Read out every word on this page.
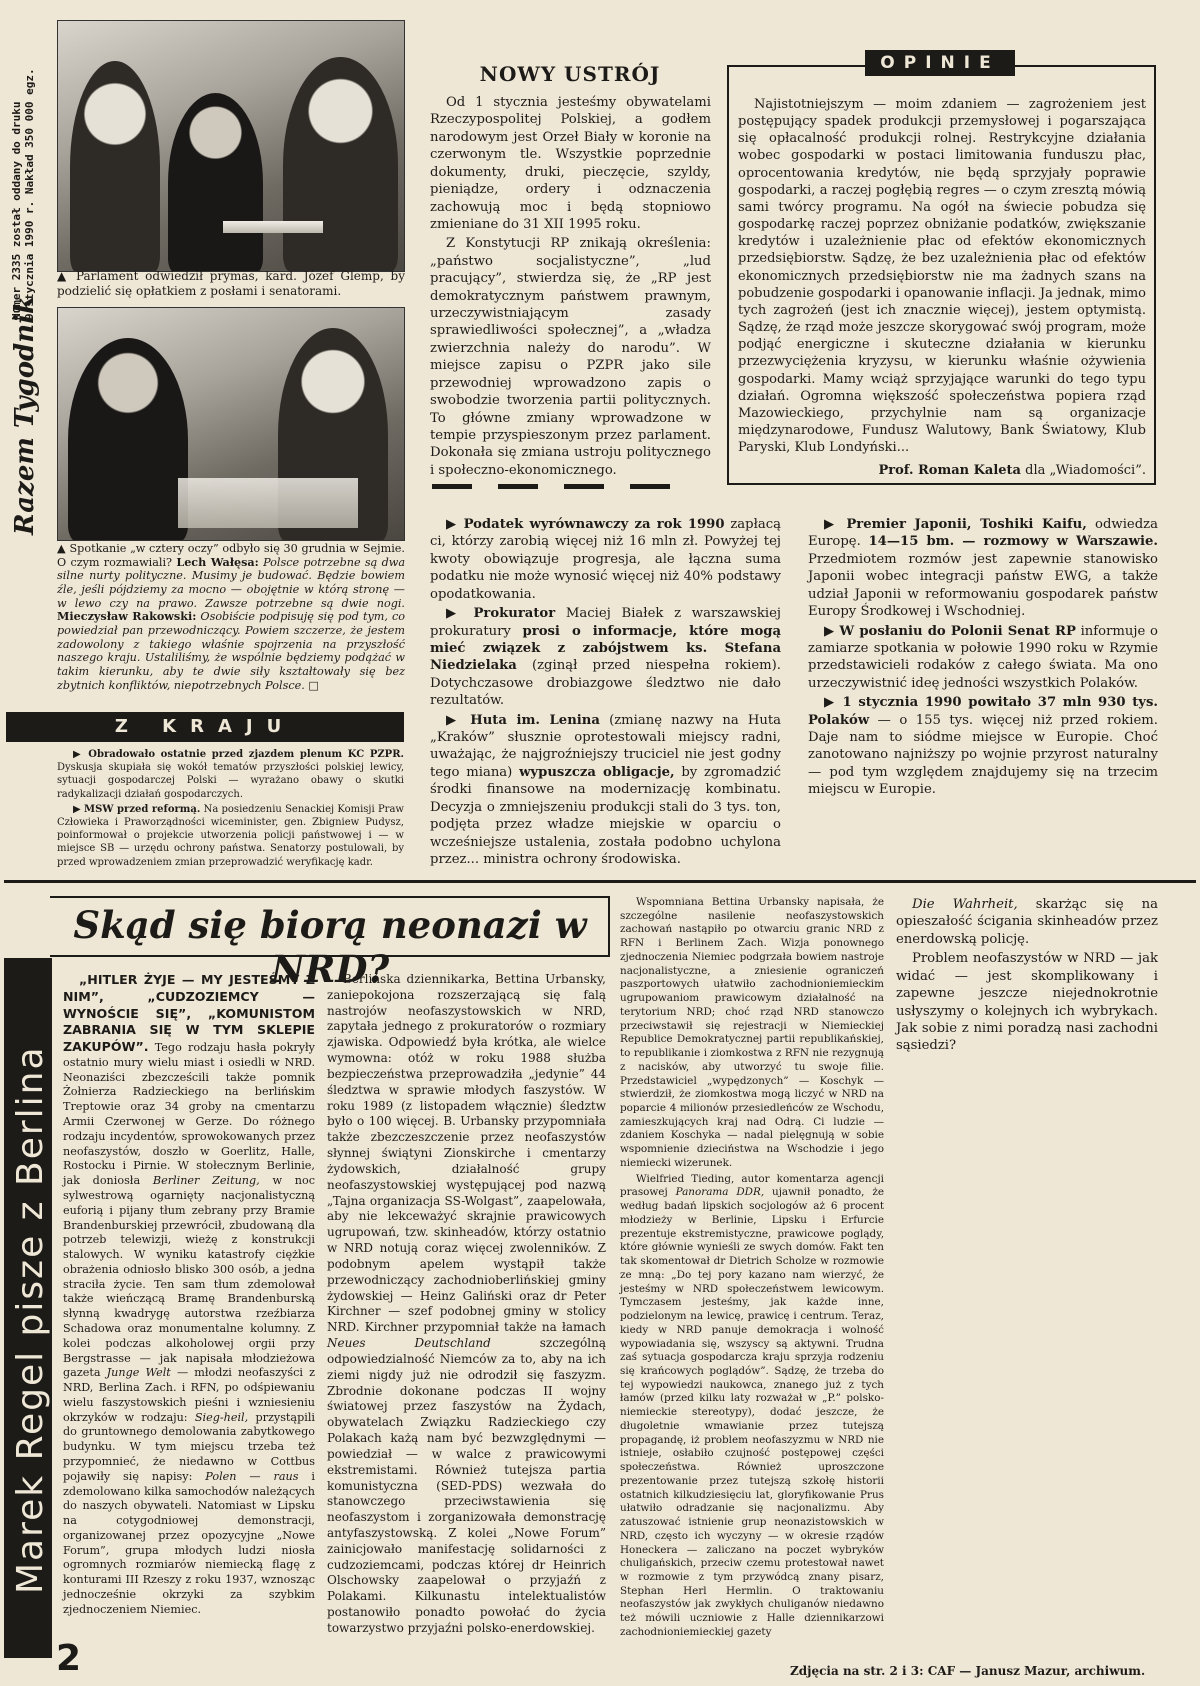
Numer 2335 został oddany do druku 9 stycznia 1990 r. Nakład 350 000 egz.
Razem Tygodnik
▲ Parlament odwiedził prymas, kard. Józef Glemp, by podzielić się opłatkiem z posłami i senatorami.
▲ Spotkanie „w cztery oczy” odbyło się 30 grudnia w Sejmie. O czym rozmawiali? Lech Wałęsa: Polsce potrzebne są dwa silne nurty polityczne. Musimy je budować. Będzie bowiem źle, jeśli pójdziemy za mocno — obojętnie w którą stronę — w lewo czy na prawo. Zawsze potrzebne są dwie nogi. Mieczysław Rakowski: Osobiście podpisuję się pod tym, co powiedział pan przewodniczący. Powiem szczerze, że jestem zadowolony z takiego właśnie spojrzenia na przyszłość naszego kraju. Ustaliliśmy, że wspólnie będziemy podążać w takim kierunku, aby te dwie siły kształtowały się bez zbytnich konfliktów, niepotrzebnych Polsce. □
Z KRAJU

▶ Obradowało ostatnie przed zjazdem plenum KC PZPR. Dyskusja skupiała się wokół tematów przyszłości polskiej lewicy, sytuacji gospodarczej Polski — wyrażano obawy o skutki radykalizacji działań gospodarczych.

▶ MSW przed reformą. Na posiedzeniu Senackiej Komisji Praw Człowieka i Praworządności wiceminister, gen. Zbigniew Pudysz, poinformował o projekcie utworzenia policji państwowej i — w miejsce SB — urzędu ochrony państwa. Senatorzy postulowali, by przed wprowadzeniem zmian przeprowadzić weryfikację kadr.

NOWY USTRÓJ

Od 1 stycznia jesteśmy obywatelami Rzeczypospolitej Polskiej, a godłem narodowym jest Orzeł Biały w koronie na czerwonym tle. Wszystkie poprzednie dokumenty, druki, pieczęcie, szyldy, pieniądze, ordery i odznaczenia zachowują moc i będą stopniowo zmieniane do 31 XII 1995 roku.

Z Konstytucji RP znikają określenia: „państwo socjalistyczne”, „lud pracujący”, stwierdza się, że „RP jest demokratycznym państwem prawnym, urzeczywistniającym zasady sprawiedliwości społecznej”, a „władza zwierzchnia należy do narodu”. W miejsce zapisu o PZPR jako sile przewodniej wprowadzono zapis o swobodzie tworzenia partii politycznych. To główne zmiany wprowadzone w tempie przyspieszonym przez parlament. Dokonała się zmiana ustroju politycznego i społeczno-ekonomicznego.

▶ Podatek wyrównawczy za rok 1990 zapłacą ci, którzy zarobią więcej niż 16 mln zł. Powyżej tej kwoty obowiązuje progresja, ale łączna suma podatku nie może wynosić więcej niż 40% podstawy opodatkowania.

▶ Prokurator Maciej Białek z warszawskiej prokuratury prosi o informacje, które mogą mieć związek z zabójstwem ks. Stefana Niedzielaka (zginął przed niespełna rokiem). Dotychczasowe drobiazgowe śledztwo nie dało rezultatów.

▶ Huta im. Lenina (zmianę nazwy na Huta „Kraków” słusznie oprotestowali miejscy radni, uważając, że najgroźniejszy truciciel nie jest godny tego miana) wypuszcza obligacje, by zgromadzić środki finansowe na modernizację kombinatu. Decyzja o zmniejszeniu produkcji stali do 3 tys. ton, podjęta przez władze miejskie w oparciu o wcześniejsze ustalenia, została podobno uchylona przez... ministra ochrony środowiska.

OPINIE

Najistotniejszym — moim zdaniem — zagrożeniem jest postępujący spadek produkcji przemysłowej i pogarszająca się opłacalność produkcji rolnej. Restrykcyjne działania wobec gospodarki w postaci limitowania funduszu płac, oprocentowania kredytów, nie będą sprzyjały poprawie gospodarki, a raczej pogłębią regres — o czym zresztą mówią sami twórcy programu. Na ogół na świecie pobudza się gospodarkę raczej poprzez obniżanie podatków, zwiększanie kredytów i uzależnienie płac od efektów ekonomicznych przedsiębiorstw. Sądzę, że bez uzależnienia płac od efektów ekonomicznych przedsiębiorstw nie ma żadnych szans na pobudzenie gospodarki i opanowanie inflacji. Ja jednak, mimo tych zagrożeń (jest ich znacznie więcej), jestem optymistą. Sądzę, że rząd może jeszcze skorygować swój program, może podjąć energiczne i skuteczne działania w kierunku przezwyciężenia kryzysu, w kierunku właśnie ożywienia gospodarki. Mamy wciąż sprzyjające warunki do tego typu działań. Ogromna większość społeczeństwa popiera rząd Mazowieckiego, przychylnie nam są organizacje międzynarodowe, Fundusz Walutowy, Bank Światowy, Klub Paryski, Klub Londyński...

Prof. Roman Kaleta dla „Wiadomości”.

▶ Premier Japonii, Toshiki Kaifu, odwiedza Europę. 14—15 bm. — rozmowy w Warszawie. Przedmiotem rozmów jest zapewnie stanowisko Japonii wobec integracji państw EWG, a także udział Japonii w reformowaniu gospodarek państw Europy Środkowej i Wschodniej.

▶ W posłaniu do Polonii Senat RP informuje o zamiarze spotkania w połowie 1990 roku w Rzymie przedstawicieli rodaków z całego świata. Ma ono urzeczywistnić ideę jedności wszystkich Polaków.

▶ 1 stycznia 1990 powitało 37 mln 930 tys. Polaków — o 155 tys. więcej niż przed rokiem. Daje nam to siódme miejsce w Europie. Choć zanotowano najniższy po wojnie przyrost naturalny — pod tym względem znajdujemy się na trzecim miejscu w Europie.

Skąd się biorą neonazi w NRD?
Marek Regel pisze z Berlina

„HITLER ŻYJE — MY JESTEŚMY Z NIM”, „CUDZOZIEMCY — WYNOŚCIE SIĘ”, „KOMUNISTOM ZABRANIA SIĘ W TYM SKLEPIE ZAKUPÓW”. Tego rodzaju hasła pokryły ostatnio mury wielu miast i osiedli w NRD. Neonaziści zbezcześcili także pomnik Żołnierza Radzieckiego na berlińskim Treptowie oraz 34 groby na cmentarzu Armii Czerwonej w Gerze. Do różnego rodzaju incydentów, sprowokowanych przez neofaszystów, doszło w Goerlitz, Halle, Rostocku i Pirnie. W stołecznym Berlinie, jak doniosła Berliner Zeitung, w noc sylwestrową ogarnięty nacjonalistyczną euforią i pijany tłum zebrany przy Bramie Brandenburskiej przewrócił, zbudowaną dla potrzeb telewizji, wieżę z konstrukcji stalowych. W wyniku katastrofy ciężkie obrażenia odniosło blisko 300 osób, a jedna straciła życie. Ten sam tłum zdemolował także wieńczącą Bramę Brandenburską słynną kwadrygę autorstwa rzeźbiarza Schadowa oraz monumentalne kolumny. Z kolei podczas alkoholowej orgii przy Bergstrasse — jak napisała młodzieżowa gazeta Junge Welt — młodzi neofaszyści z NRD, Berlina Zach. i RFN, po odśpiewaniu wielu faszystowskich pieśni i wzniesieniu okrzyków w rodzaju: Sieg-heil, przystąpili do gruntownego demolowania zabytkowego budynku. W tym miejscu trzeba też przypomnieć, że niedawno w Cottbus pojawiły się napisy: Polen — raus i zdemolowano kilka samochodów należących do naszych obywateli. Natomiast w Lipsku na cotygodniowej demonstracji, organizowanej przez opozycyjne „Nowe Forum”, grupa młodych ludzi niosła ogromnych rozmiarów niemiecką flagę z konturami III Rzeszy z roku 1937, wznosząc jednocześnie okrzyki za szybkim zjednoczeniem Niemiec.

Berlińska dziennikarka, Bettina Urbansky, zaniepokojona rozszerzającą się falą nastrojów neofaszystowskich w NRD, zapytała jednego z prokuratorów o rozmiary zjawiska. Odpowiedź była krótka, ale wielce wymowna: otóż w roku 1988 służba bezpieczeństwa przeprowadziła „jedynie” 44 śledztwa w sprawie młodych faszystów. W roku 1989 (z listopadem włącznie) śledztw było o 100 więcej. B. Urbansky przypomniała także zbezczeszczenie przez neofaszystów słynnej świątyni Zionskirche i cmentarzy żydowskich, działalność grupy neofaszystowskiej występującej pod nazwą „Tajna organizacja SS-Wolgast”, zaapelowała, aby nie lekceważyć skrajnie prawicowych ugrupowań, tzw. skinheadów, którzy ostatnio w NRD notują coraz więcej zwolenników. Z podobnym apelem wystąpił także przewodniczący zachodnioberlińskiej gminy żydowskiej — Heinz Galiński oraz dr Peter Kirchner — szef podobnej gminy w stolicy NRD. Kirchner przypomniał także na łamach Neues Deutschland	szczególną odpowiedzialność Niemców za to, aby na ich ziemi nigdy już nie odrodził się faszyzm. Zbrodnie dokonane podczas II wojny światowej przez faszystów na Żydach, obywatelach Związku Radzieckiego czy Polakach każą nam być bezwzględnymi — powiedział — w walce z prawicowymi ekstremistami. Również tutejsza partia komunistyczna (SED-PDS) wezwała do stanowczego przeciwstawienia się neofaszystom i zorganizowała demonstrację antyfaszystowską. Z kolei „Nowe Forum” zainicjowało manifestację solidarności z cudzoziemcami, podczas której dr Heinrich Olschowsky zaapelował o przyjaźń z Polakami. Kilkunastu intelektualistów postanowiło ponadto powołać do życia towarzystwo przyjaźni polsko-enerdowskiej.

Wspomniana Bettina Urbansky napisała, że szczególne nasilenie neofaszystowskich zachowań nastąpiło po otwarciu granic NRD z RFN i Berlinem Zach. Wizja ponownego zjednoczenia Niemiec podgrzała bowiem nastroje nacjonalistyczne, a zniesienie ograniczeń paszportowych ułatwiło zachodnioniemieckim ugrupowaniom prawicowym działalność na terytorium NRD; choć rząd NRD stanowczo przeciwstawił się rejestracji w Niemieckiej Republice Demokratycznej partii republikańskiej, to republikanie i ziomkostwa z RFN nie rezygnują z nacisków, aby utworzyć tu swoje filie. Przedstawiciel „wypędzonych” — Koschyk — stwierdził, że ziomkostwa mogą liczyć w NRD na poparcie 4 milionów przesiedleńców ze Wschodu, zamieszkujących kraj nad Odrą. Ci ludzie — zdaniem Koschyka — nadal pielęgnują w sobie wspomnienie dzieciństwa na Wschodzie i jego niemiecki wizerunek.

Wielfried Tieding, autor komentarza agencji prasowej Panorama DDR, ujawnił ponadto, że według badań lipskich socjologów aż 6 procent młodzieży w Berlinie, Lipsku i Erfurcie prezentuje ekstremistyczne, prawicowe poglądy, które głównie wynieśli ze swych domów. Fakt ten tak skomentował dr Dietrich Scholze w rozmowie ze mną: „Do tej pory kazano nam wierzyć, że jesteśmy w NRD społeczeństwem lewicowym. Tymczasem jesteśmy, jak każde inne, podzielonym na lewicę, prawicę i centrum. Teraz, kiedy w NRD panuje demokracja i wolność wypowiadania się, wszyscy są aktywni. Trudna zaś sytuacja gospodarcza kraju sprzyja rodzeniu się krańcowych poglądów”. Sądzę, że trzeba do tej wypowiedzi naukowca, znanego już z tych łamów (przed kilku laty rozważał w „P.” polsko-niemieckie stereotypy), dodać jeszcze, że długoletnie wmawianie przez tutejszą propagandę, iż problem neofaszyzmu w NRD nie istnieje, osłabiło czujność postępowej części społeczeństwa. Również uproszczone prezentowanie przez tutejszą szkołę historii ostatnich kilkudziesięciu lat, gloryfikowanie Prus ułatwiło odradzanie się nacjonalizmu. Aby zatuszować istnienie grup neonazistowskich w NRD, często ich wyczyny — w okresie rządów Honeckera — zaliczano na poczet wybryków chuligańskich, przeciw czemu protestował nawet w rozmowie z tym przywódcą znany pisarz, Stephan Herl Hermlin. O traktowaniu neofaszystów jak zwykłych chuliganów niedawno też mówili uczniowie z Halle dziennikarzowi zachodnioniemieckiej gazety

Die Wahrheit, skarżąc się na opieszałość ścigania skinheadów przez enerdowską policję.

Problem neofaszystów w NRD — jak widać — jest skomplikowany i zapewne jeszcze niejednokrotnie usłyszymy o kolejnych ich wybrykach. Jak sobie z nimi poradzą nasi zachodni sąsiedzi?

2	Zdjęcia na str. 2 i 3: CAF — Janusz Mazur, archiwum.
